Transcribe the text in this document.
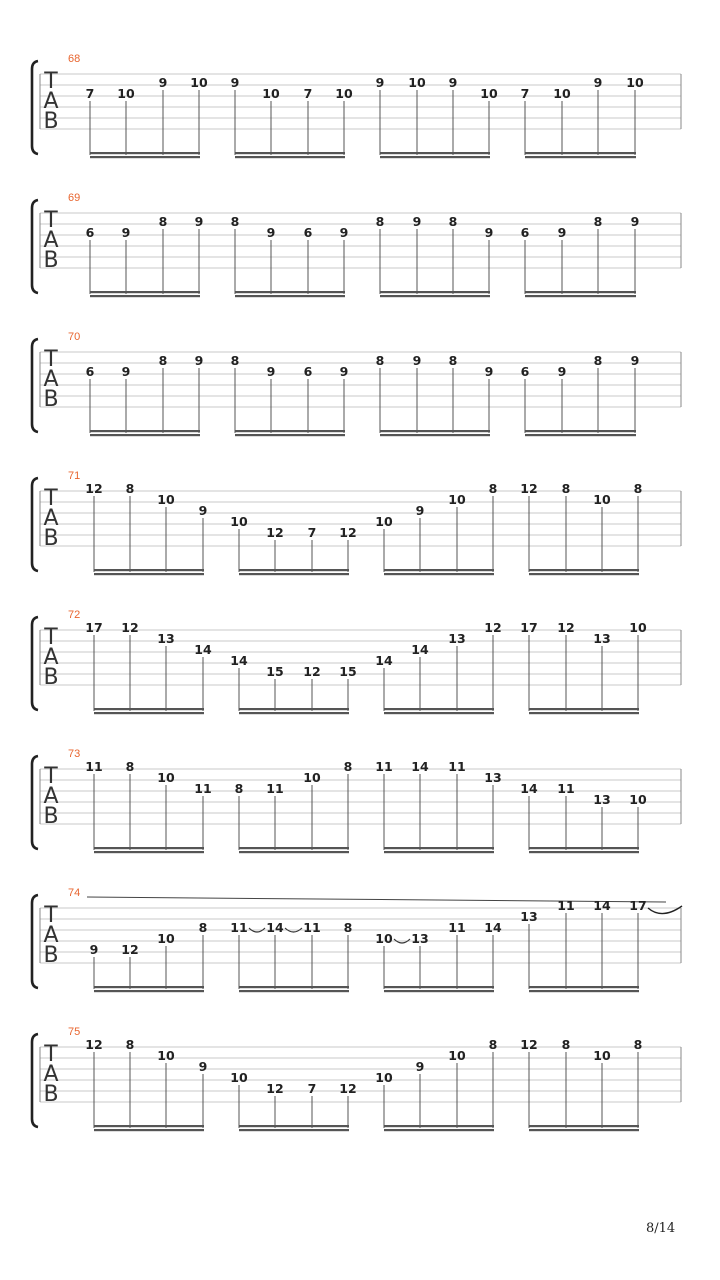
T
A
B
68
7 10
9 10 9
10 7 10
9 10 9
10 7 10
9 10
T
A
B
69
6 9
8 9 8
9 6 9
8 9 8
9 6 9
8 9
T
A
B
70
6 9
8 9 8
9 6 9
8 9 8
9 6 9
8 9
T
A
B
71
12 8
10
9
10
12 7 12
10
9
10
8 12 8
10
8
T
A
B
72
17 12
13
14
14
15 12 15
14
14
13
12 17 12
13
10
T
A
B
73
11 8
10
11 8 11
10
8 11 14 11
13
14 11
13 10
T
A
B
74
9 12
10
8 11 14 11 8
10 13
11 14
13
11 14 17
T
A
B
75
12 8
10
9
10
12 7 12
10
9
10
8 12 8
10
8
8/14
